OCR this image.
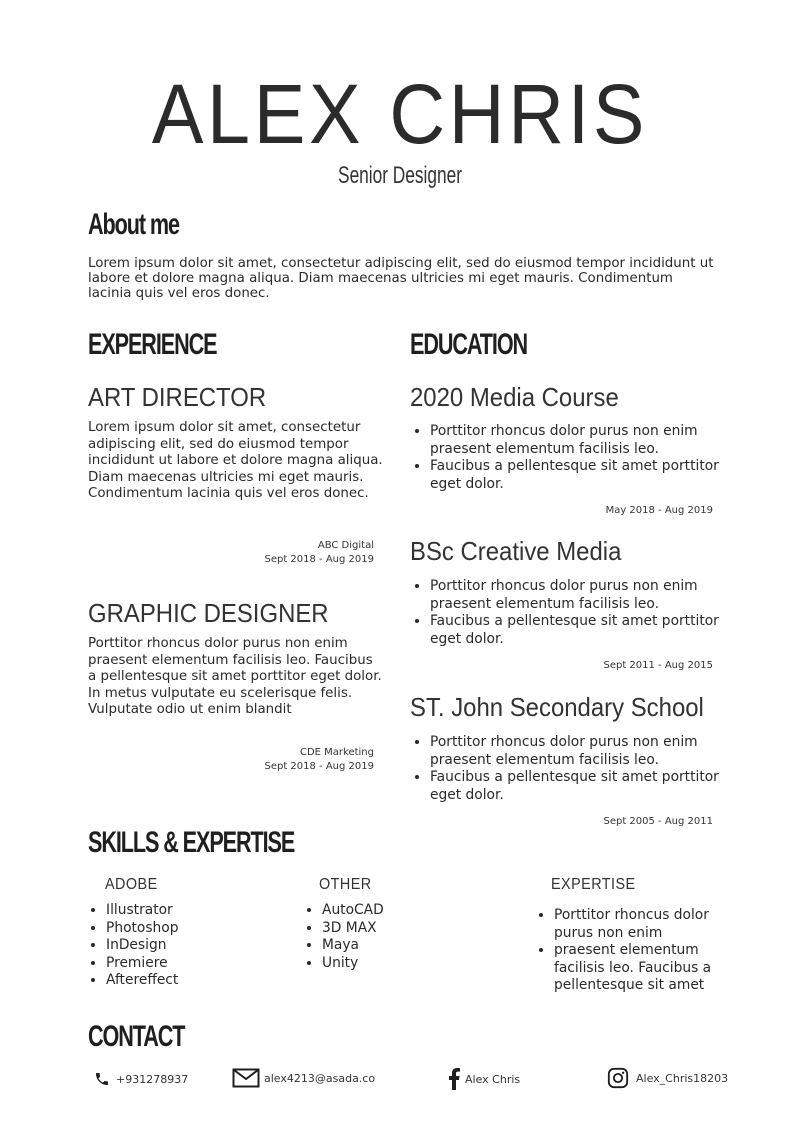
ALEX CHRIS
Senior Designer
About me
Lorem ipsum dolor sit amet, consectetur adipiscing elit, sed do eiusmod tempor incididunt ut labore et dolore magna aliqua. Diam maecenas ultricies mi eget mauris. Condimentum lacinia quis vel eros donec.
EXPERIENCE
ART DIRECTOR
Lorem ipsum dolor sit amet, consectetur adipiscing elit, sed do eiusmod tempor incididunt ut labore et dolore magna aliqua. Diam maecenas ultricies mi eget mauris. Condimentum lacinia quis vel eros donec.
ABC Digital
Sept 2018 - Aug 2019
GRAPHIC DESIGNER
Porttitor rhoncus dolor purus non enim praesent elementum facilisis leo. Faucibus a pellentesque sit amet porttitor eget dolor. In metus vulputate eu scelerisque felis. Vulputate odio ut enim blandit
CDE Marketing
Sept 2018 - Aug 2019
EDUCATION
2020 Media Course
• Porttitor rhoncus dolor purus non enim praesent elementum facilisis leo.
• Faucibus a pellentesque sit amet porttitor eget dolor.
May 2018 - Aug 2019
BSc Creative Media
• Porttitor rhoncus dolor purus non enim praesent elementum facilisis leo.
• Faucibus a pellentesque sit amet porttitor eget dolor.
Sept 2011 - Aug 2015
ST. John Secondary School
• Porttitor rhoncus dolor purus non enim praesent elementum facilisis leo.
• Faucibus a pellentesque sit amet porttitor eget dolor.
Sept 2005 - Aug 2011
SKILLS & EXPERTISE
ADOBE
• Illustrator
• Photoshop
• InDesign
• Premiere
• Aftereffect
OTHER
• AutoCAD
• 3D MAX
• Maya
• Unity
EXPERTISE
• Porttitor rhoncus dolor purus non enim
• praesent elementum facilisis leo. Faucibus a pellentesque sit amet
CONTACT
+931278937	alex4213@asada.co	Alex Chris	Alex_Chris18203
